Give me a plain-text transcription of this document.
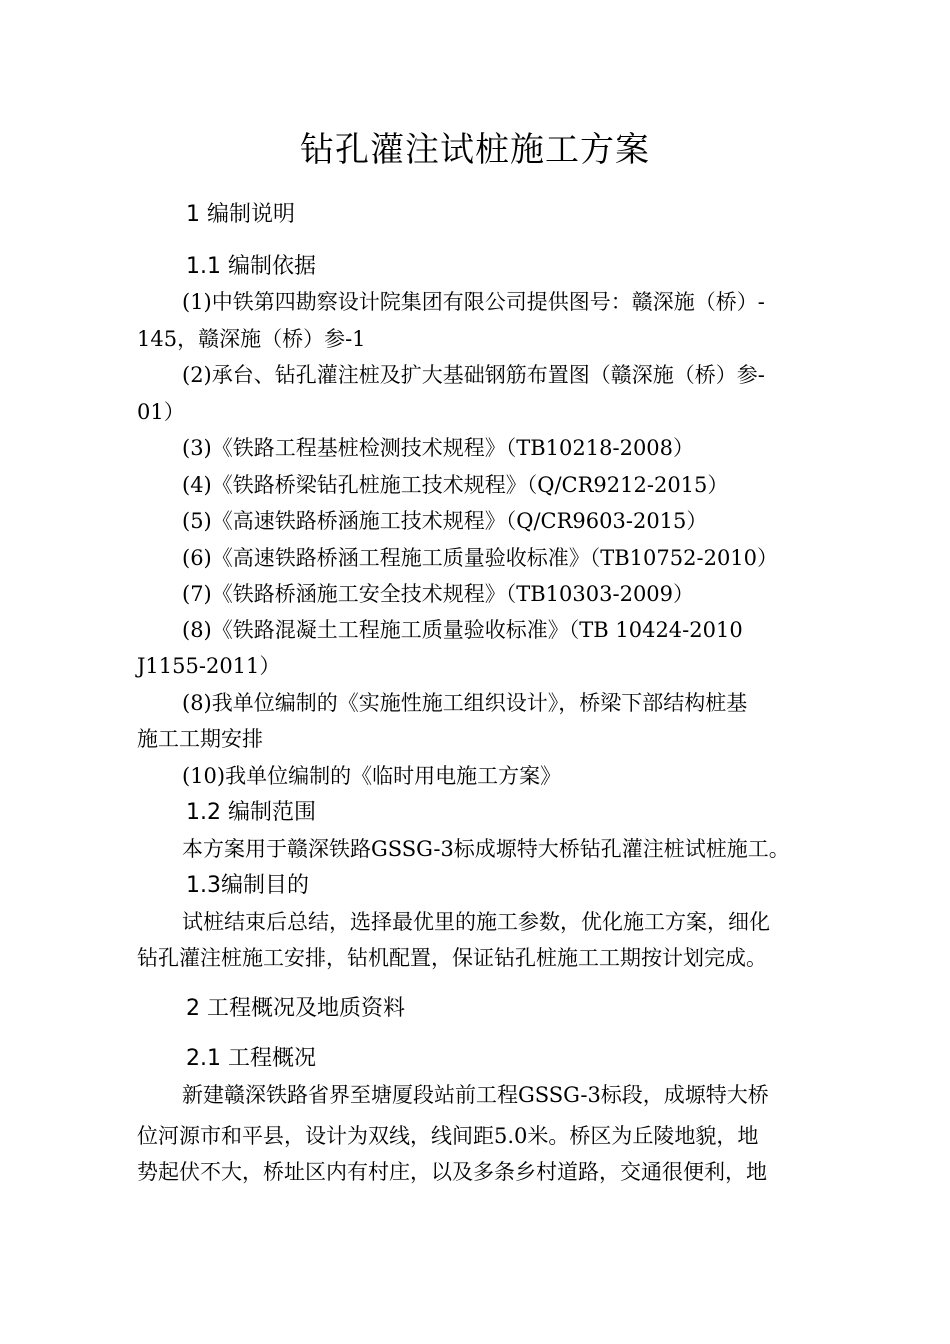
钻孔灌注试桩施工方案
1 编制说明
1.1 编制依据
(1)中铁第四勘察设计院集团有限公司提供图号：赣深施（桥）-
145，赣深施（桥）参-1
(2)承台、钻孔灌注桩及扩大基础钢筋布置图（赣深施（桥）参-
01）
(3)《铁路工程基桩检测技术规程》（TB10218-2008）
(4)《铁路桥梁钻孔桩施工技术规程》（Q/CR9212-2015）
(5)《高速铁路桥涵施工技术规程》（Q/CR9603-2015）
(6)《高速铁路桥涵工程施工质量验收标准》（TB10752-2010）
(7)《铁路桥涵施工安全技术规程》（TB10303-2009）
(8)《铁路混凝土工程施工质量验收标准》（TB 10424-2010
J1155-2011）
(8)我单位编制的《实施性施工组织设计》，桥梁下部结构桩基
施工工期安排
(10)我单位编制的《临时用电施工方案》
1.2 编制范围
本方案用于赣深铁路GSSG-3标成塬特大桥钻孔灌注桩试桩施工。
1.3编制目的
试桩结束后总结，选择最优里的施工参数，优化施工方案，细化
钻孔灌注桩施工安排，钻机配置，保证钻孔桩施工工期按计划完成。
2 工程概况及地质资料
2.1 工程概况
新建赣深铁路省界至塘厦段站前工程GSSG-3标段，成塬特大桥
位河源市和平县，设计为双线，线间距5.0米。桥区为丘陵地貌，地
势起伏不大，桥址区内有村庄，以及多条乡村道路，交通很便利，地
